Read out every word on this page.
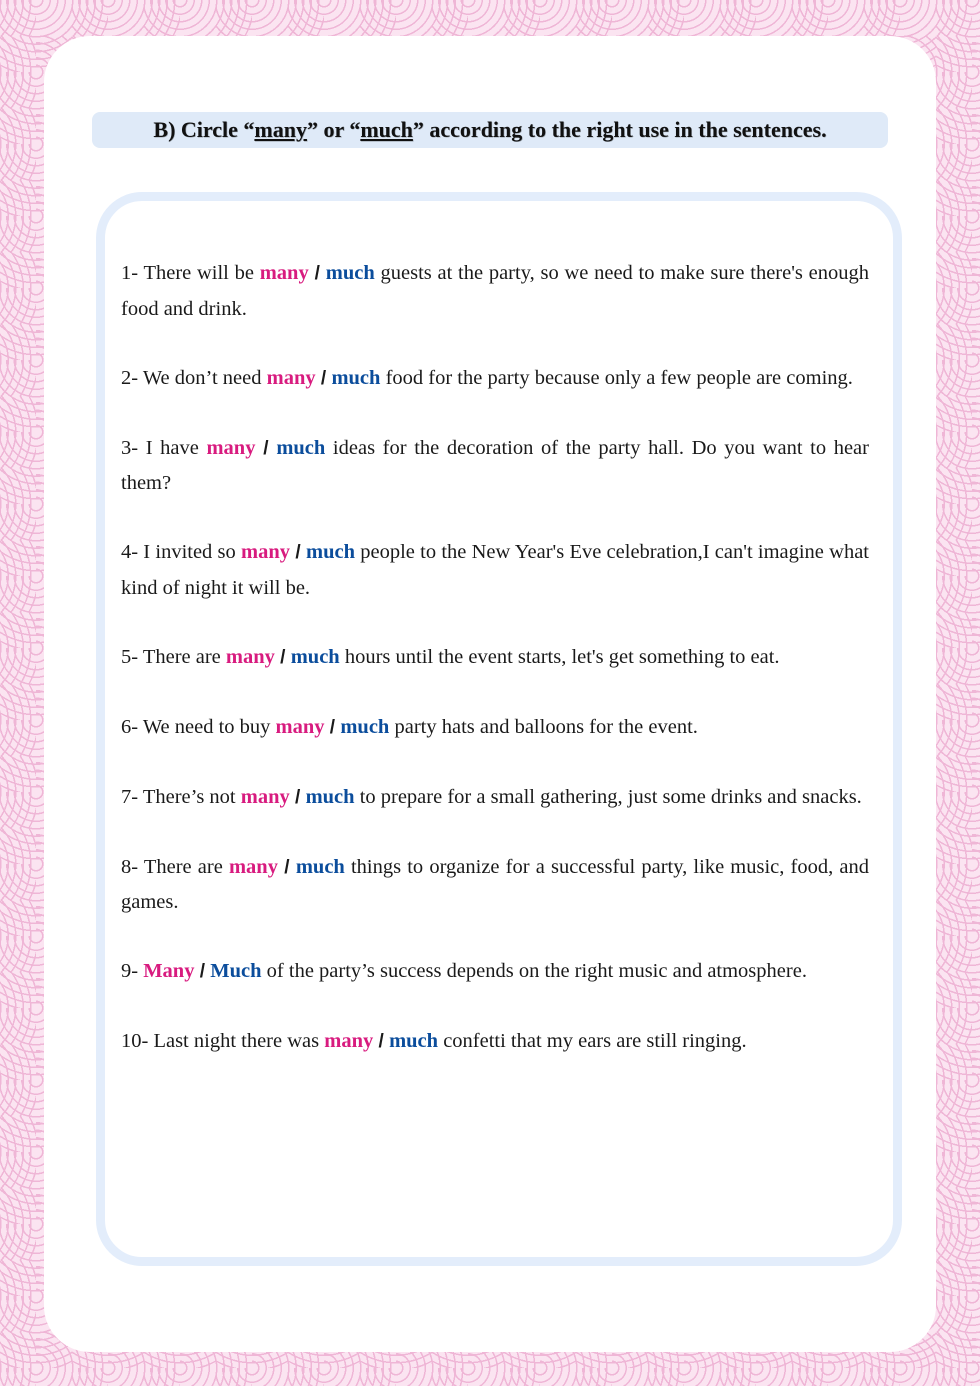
B) Circle “many” or “much” according to the right use in the sentences.
1- There will be many / much guests at the party, so we need to make sure there's enough food and drink.
2- We don’t need many / much food for the party because only a few people are coming.
3- I have many / much ideas for the decoration of the party hall. Do you want to hear them?
4- I invited so many / much people to the New Year's Eve celebration,I can't imagine what kind of night it will be.
5- There are many / much hours until the event starts, let's get something to eat.
6- We need to buy many / much party hats and balloons for the event.
7- There’s not many / much to prepare for a small gathering, just some drinks and snacks.
8- There are many / much things to organize for a successful party, like music, food, and games.
9- Many / Much of the party’s success depends on the right music and atmosphere.
10- Last night there was many / much confetti that my ears are still ringing.
